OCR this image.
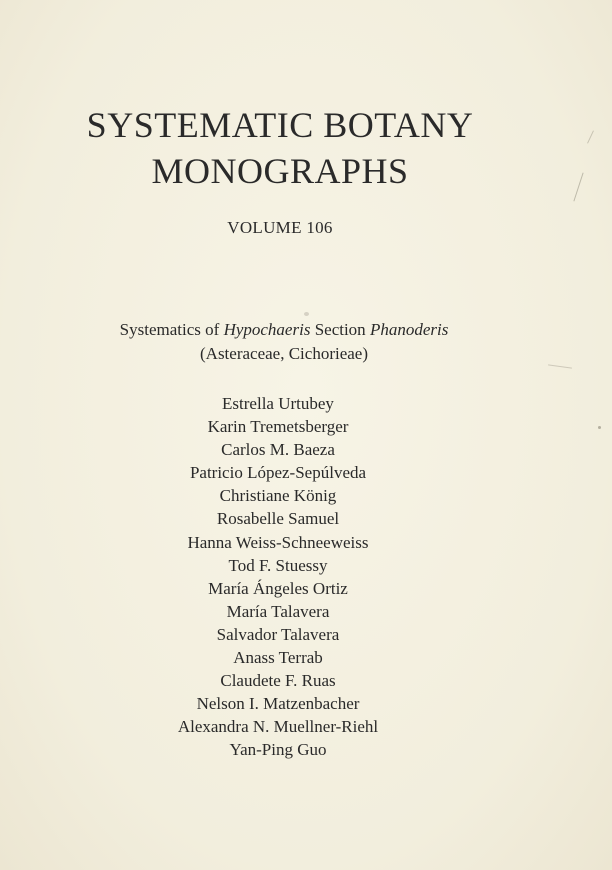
SYSTEMATIC BOTANY
MONOGRAPHS
VOLUME 106
Systematics of Hypochaeris Section Phanoderis
(Asteraceae, Cichorieae)
Estrella Urtubey
Karin Tremetsberger
Carlos M. Baeza
Patricio López-Sepúlveda
Christiane König
Rosabelle Samuel
Hanna Weiss-Schneeweiss
Tod F. Stuessy
María Ángeles Ortiz
María Talavera
Salvador Talavera
Anass Terrab
Claudete F. Ruas
Nelson I. Matzenbacher
Alexandra N. Muellner-Riehl
Yan-Ping Guo
